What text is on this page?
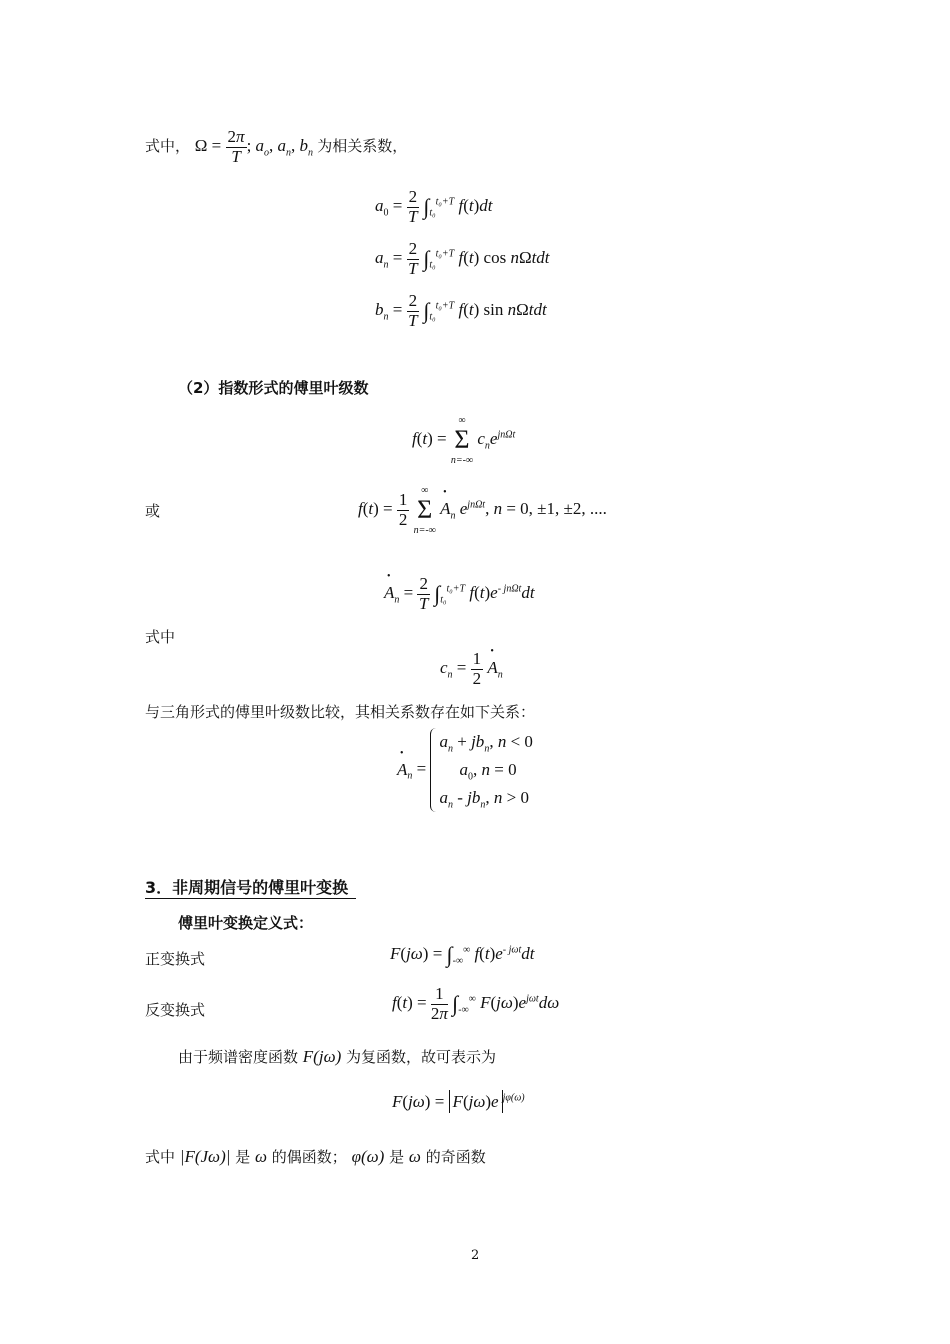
式中， $\Omega = \frac{2\pi}{T}$ ; $a_o$, $a_n$, $b_n$ 为相关系数，
$a_0 = \frac{2}{T} \int_{t_0}^{t_0+T}$ f(t)dt
$a_n = \frac{2}{T} \int_{t_0}^{t_0+T}$ f(t) cos nΩtdt
$b_n = \frac{2}{T} \int_{t_0}^{t_0+T}$ f(t) sin nΩtdt
（2）指数形式的傅里叶级数
f(t) =
∞
Σ
n=-∞
$c_ne^{jn\Omega t}$
或	$f(t) = \frac{1}{2}$

∞
Σ
n=-∞
• $A_n$ $e^{jn\Omega t}$, n = 0, ±1, ±2, ....
• $A_n = \frac{2}{T} \int_{t_0}^{t_0+T}$ $f(t)e^{- jn\Omega t}dt$
式中
$c_n = \frac{1}{2}$
• $A_n$
与三角形式的傅里叶级数比较，其相关系数存在如下关系：
• $A_n$ =
$a_n + jb_n$, n < 0
$a_0$, n = 0
$a_n - jb_n$, n > 0
3．非周期信号的傅里叶变换
傅里叶变换定义式：
正变换式	$F(j\omega) = \int_{-\infty}^\infty$ $f(t)e^{- j\omega t}dt$
反变换式	$f(t) = \frac{1}{2\pi} \int_{-\infty}^\infty$ $F(j\omega)e^{j\omega t}d\omega$
由于频谱密度函数 F(jω) 为复函数，故可表示为
F(jω) = F(jω)e $^{j\varphi(\omega)}$
式中 |F(Jω)| 是 ω 的偶函数； φ(ω) 是 ω 的奇函数
2
